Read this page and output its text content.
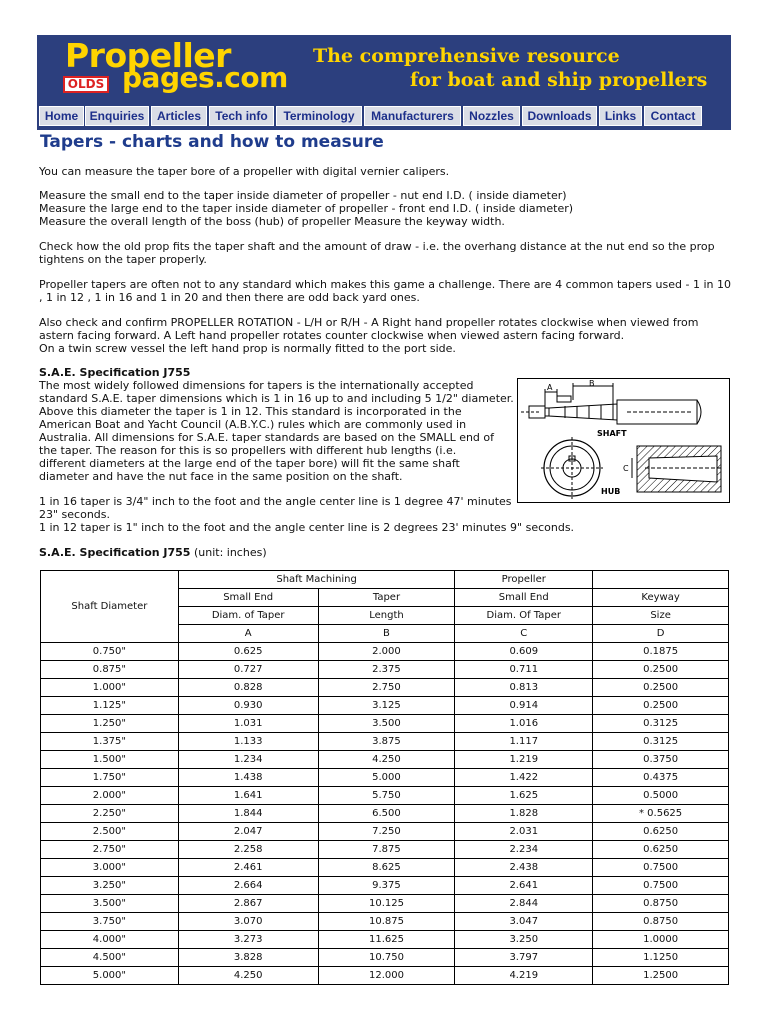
Propeller
pages.com
OLDS
The comprehensive resource
for boat and ship propellers
Home Enquiries	Articles	Tech info	Terminology	Manufacturers	Nozzles	Downloads	Links	Contact
Tapers - charts and how to measure
You can measure the taper bore of a propeller with digital vernier calipers.
Measure the small end to the taper inside diameter of propeller - nut end I.D. ( inside diameter)
Measure the large end to the taper inside diameter of propeller - front end I.D. ( inside diameter)
Measure the overall length of the boss (hub) of propeller Measure the keyway width.
Check how the old prop fits the taper shaft and the amount of draw - i.e. the overhang distance at the nut end so the prop
tightens on the taper properly.
Propeller tapers are often not to any standard which makes this game a challenge. There are 4 common tapers used - 1 in 10
, 1 in 12 , 1 in 16 and 1 in 20 and then there are odd back yard ones.
Also check and confirm PROPELLER ROTATION - L/H or R/H - A Right hand propeller rotates clockwise when viewed from
astern facing forward. A Left hand propeller rotates counter clockwise when viewed astern facing forward.
On a twin screw vessel the left hand prop is normally fitted to the port side.
S.A.E. Specification J755
The most widely followed dimensions for tapers is the internationally accepted
standard S.A.E. taper dimensions which is 1 in 16 up to and including 5 1/2" diameter.
Above this diameter the taper is 1 in 12. This standard is incorporated in the
American Boat and Yacht Council (A.B.Y.C.) rules which are commonly used in
Australia. All dimensions for S.A.E. taper standards are based on the SMALL end of
the taper. The reason for this is so propellers with different hub lengths (i.e.
different diameters at the large end of the taper bore) will fit the same shaft
diameter and have the nut face in the same position on the shaft.
A	B
SHAFT
C
HUB
1 in 16 taper is 3/4" inch to the foot and the angle center line is 1 degree 47' minutes
23" seconds.
1 in 12 taper is 1" inch to the foot and the angle center line is 2 degrees 23' minutes 9" seconds.
S.A.E. Specification J755 (unit: inches)
Shaft Diameter	Shaft Machining		Propeller	
	Small End	Taper	Small End	Keyway
	Diam. of Taper	Length	Diam. Of Taper	Size
	A	B	C	D
0.750"	0.625	2.000	0.609	0.1875
0.875"	0.727	2.375	0.711	0.2500
1.000"	0.828	2.750	0.813	0.2500
1.125"	0.930	3.125	0.914	0.2500
1.250"	1.031	3.500	1.016	0.3125
1.375"	1.133	3.875	1.117	0.3125
1.500"	1.234	4.250	1.219	0.3750
1.750"	1.438	5.000	1.422	0.4375
2.000"	1.641	5.750	1.625	0.5000
2.250"	1.844	6.500	1.828	* 0.5625
2.500"	2.047	7.250	2.031	0.6250
2.750"	2.258	7.875	2.234	0.6250
3.000"	2.461	8.625	2.438	0.7500
3.250"	2.664	9.375	2.641	0.7500
3.500"	2.867	10.125	2.844	0.8750
3.750"	3.070	10.875	3.047	0.8750
4.000"	3.273	11.625	3.250	1.0000
4.500"	3.828	10.750	3.797	1.1250
5.000"	4.250	12.000	4.219	1.2500
